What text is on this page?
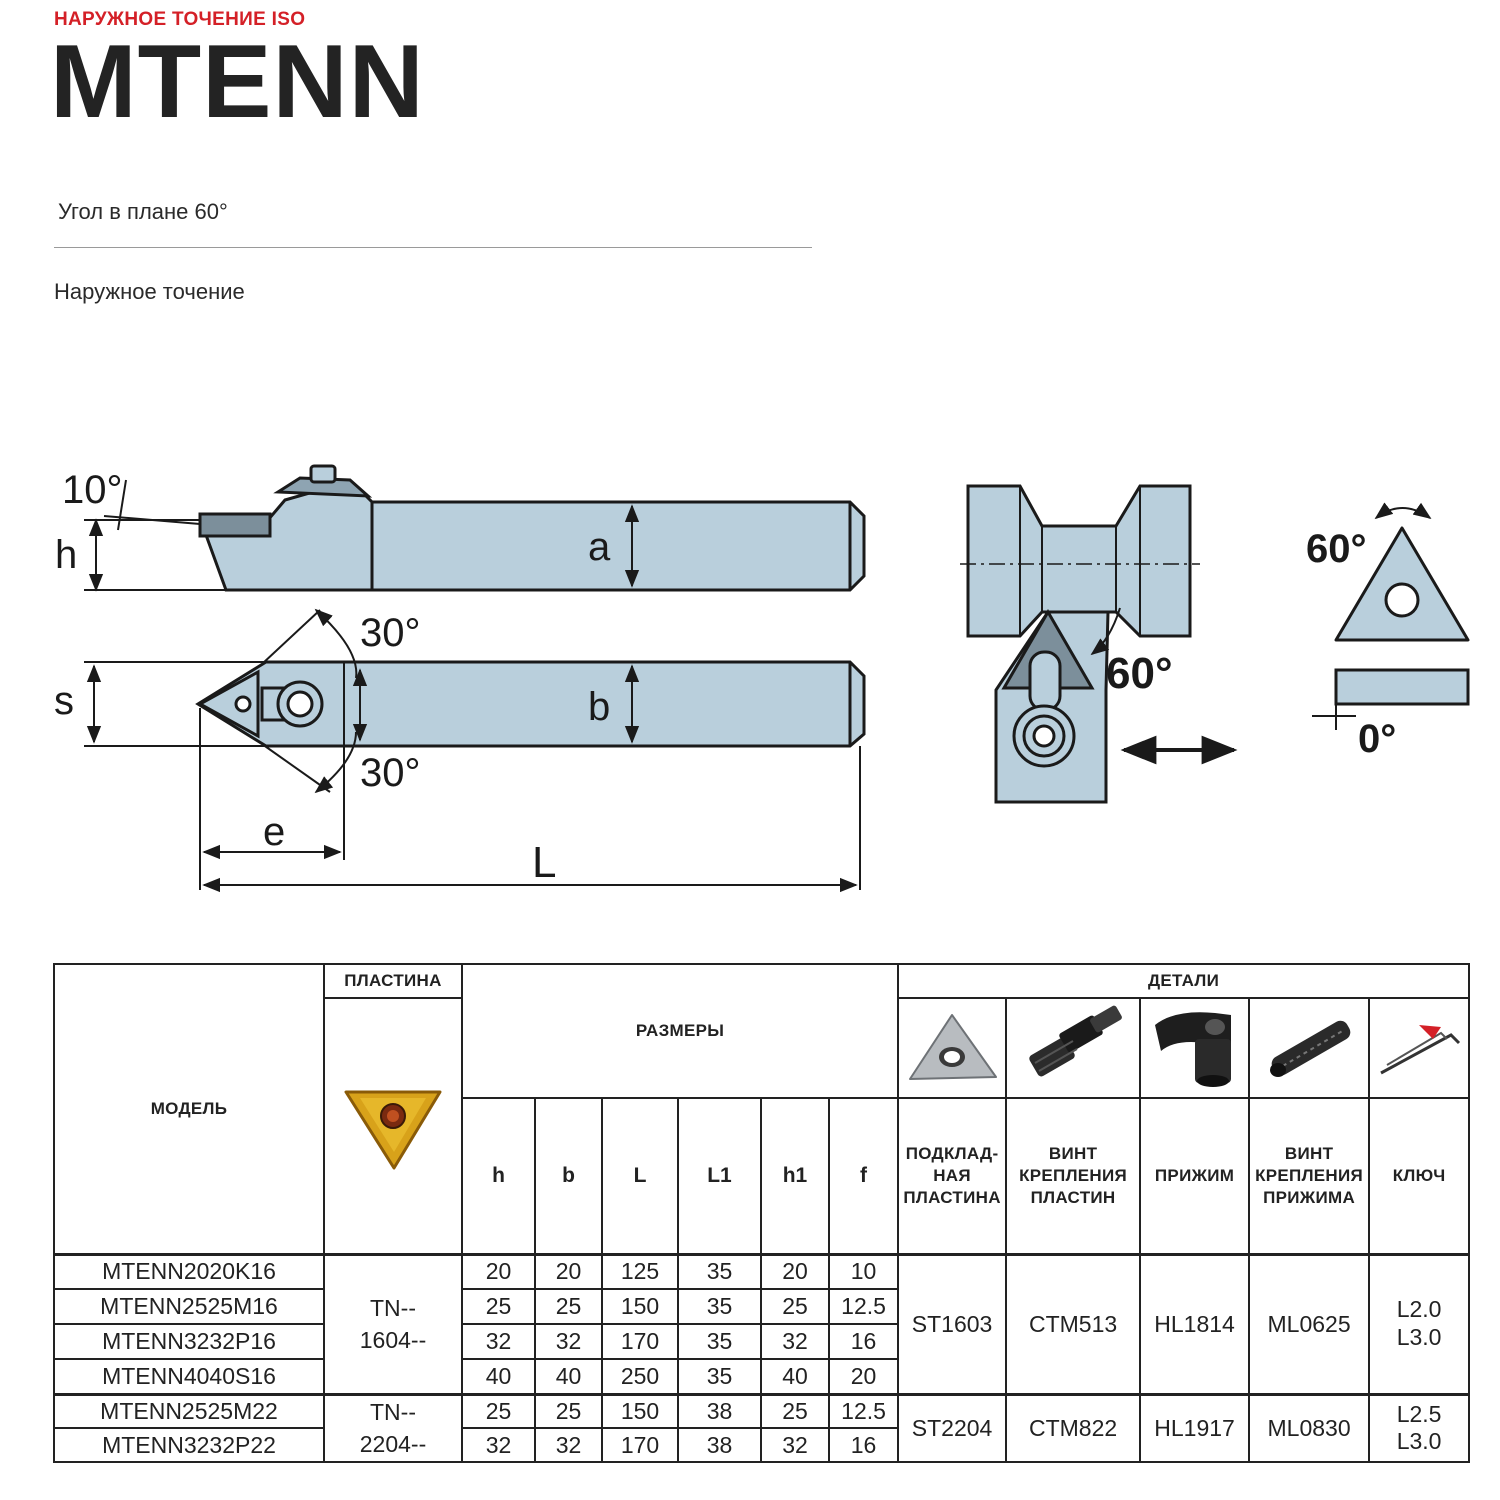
НАРУЖНОЕ ТОЧЕНИЕ ISO
MTENN
Угол в плане 60°
Наружное точение
10°
h	a
30°
30°
s	b
e
L
60°
60°
0°
МОДЕЛЬ	ПЛАСТИНА	РАЗМЕРЫ						ДЕТАЛИ				

		h	b	L	L1	h1	f	ПОДКЛАД-
НАЯ
ПЛАСТИНА	ВИНТ
КРЕПЛЕНИЯ
ПЛАСТИН	ПРИЖИМ	ВИНТ
КРЕПЛЕНИЯ
ПРИЖИМА	КЛЮЧ
MTENN2020K16	TN--
1604--	20	20	125	35	20	10	ST1603	CTM513	HL1814	ML0625	L2.0
L3.0
MTENN2525M16		25	25	150	35	25	12.5					
MTENN3232P16		32	32	170	35	32	16					
MTENN4040S16		40	40	250	35	40	20					
MTENN2525M22	TN--
2204--	25	25	150	38	25	12.5	ST2204	CTM822	HL1917	ML0830	L2.5
L3.0
MTENN3232P22		32	32	170	38	32	16					
